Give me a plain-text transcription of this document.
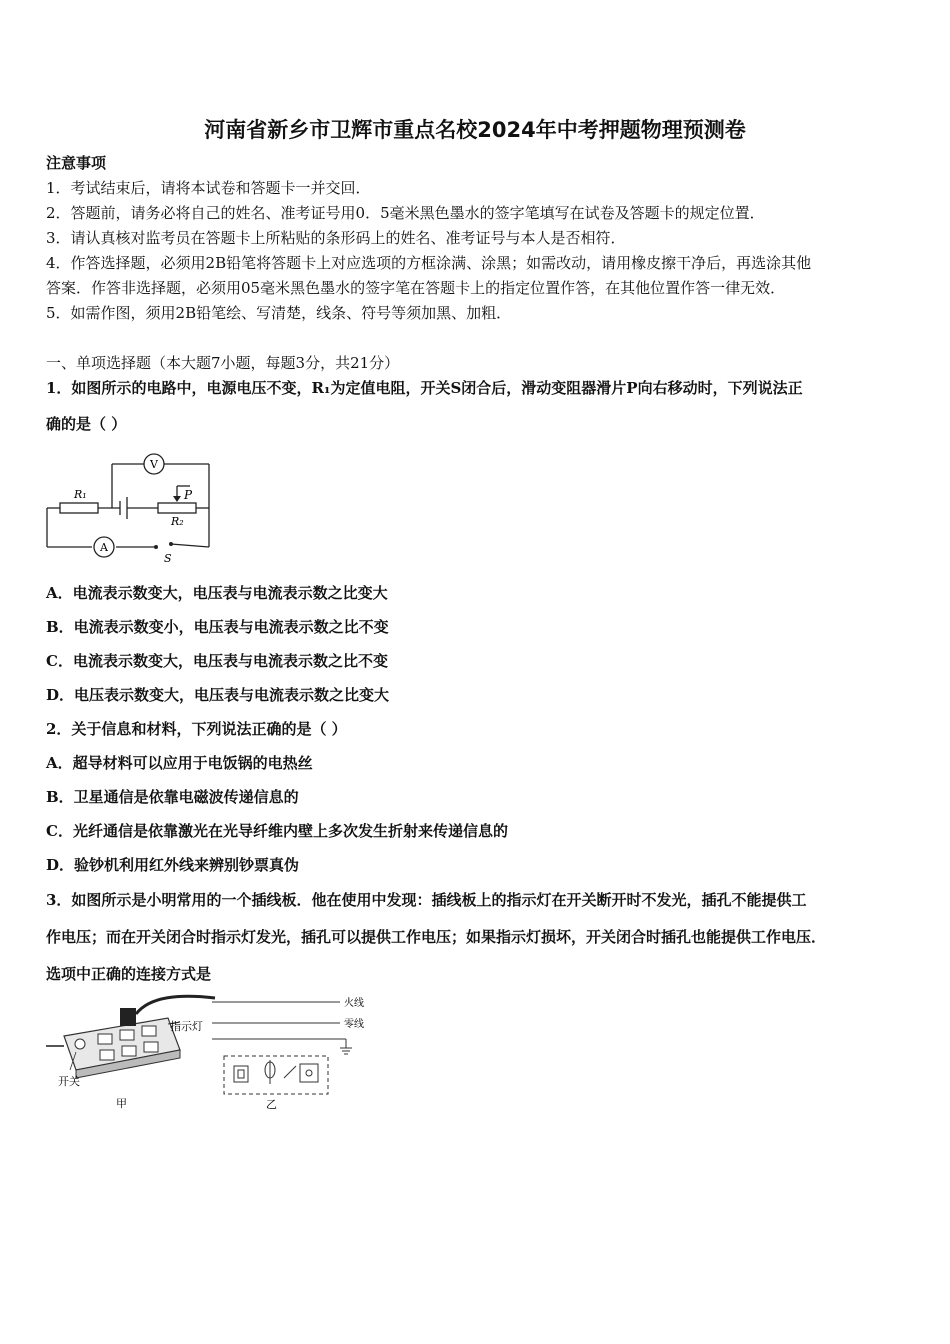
河南省新乡市卫辉市重点名校2024年中考押题物理预测卷
注意事项
1．考试结束后，请将本试卷和答题卡一并交回．
2．答题前，请务必将自己的姓名、准考证号用0．5毫米黑色墨水的签字笔填写在试卷及答题卡的规定位置．
3．请认真核对监考员在答题卡上所粘贴的条形码上的姓名、准考证号与本人是否相符．
4．作答选择题，必须用2B铅笔将答题卡上对应选项的方框涂满、涂黑；如需改动，请用橡皮擦干净后，再选涂其他
答案．作答非选择题，必须用05毫米黑色墨水的签字笔在答题卡上的指定位置作答，在其他位置作答一律无效．
5．如需作图，须用2B铅笔绘、写清楚，线条、符号等须加黑、加粗．
一、单项选择题（本大题7小题，每题3分，共21分）
1．如图所示的电路中，电源电压不变，R₁为定值电阻，开关S闭合后，滑动变阻器滑片P向右移动时，下列说法正
确的是（ ）
V
A
R₁
R₂
P
S
A．电流表示数变大，电压表与电流表示数之比变大
B．电流表示数变小，电压表与电流表示数之比不变
C．电流表示数变大，电压表与电流表示数之比不变
D．电压表示数变大，电压表与电流表示数之比变大
2．关于信息和材料，下列说法正确的是（ ）
A．超导材料可以应用于电饭锅的电热丝
B．卫星通信是依靠电磁波传递信息的
C．光纤通信是依靠激光在光导纤维内壁上多次发生折射来传递信息的
D．验钞机利用红外线来辨别钞票真伪
3．如图所示是小明常用的一个插线板．他在使用中发现：插线板上的指示灯在开关断开时不发光，插孔不能提供工
作电压；而在开关闭合时指示灯发光，插孔可以提供工作电压；如果指示灯损坏，开关闭合时插孔也能提供工作电压．
选项中正确的连接方式是
指示灯
开关
甲
火线
零线
乙
